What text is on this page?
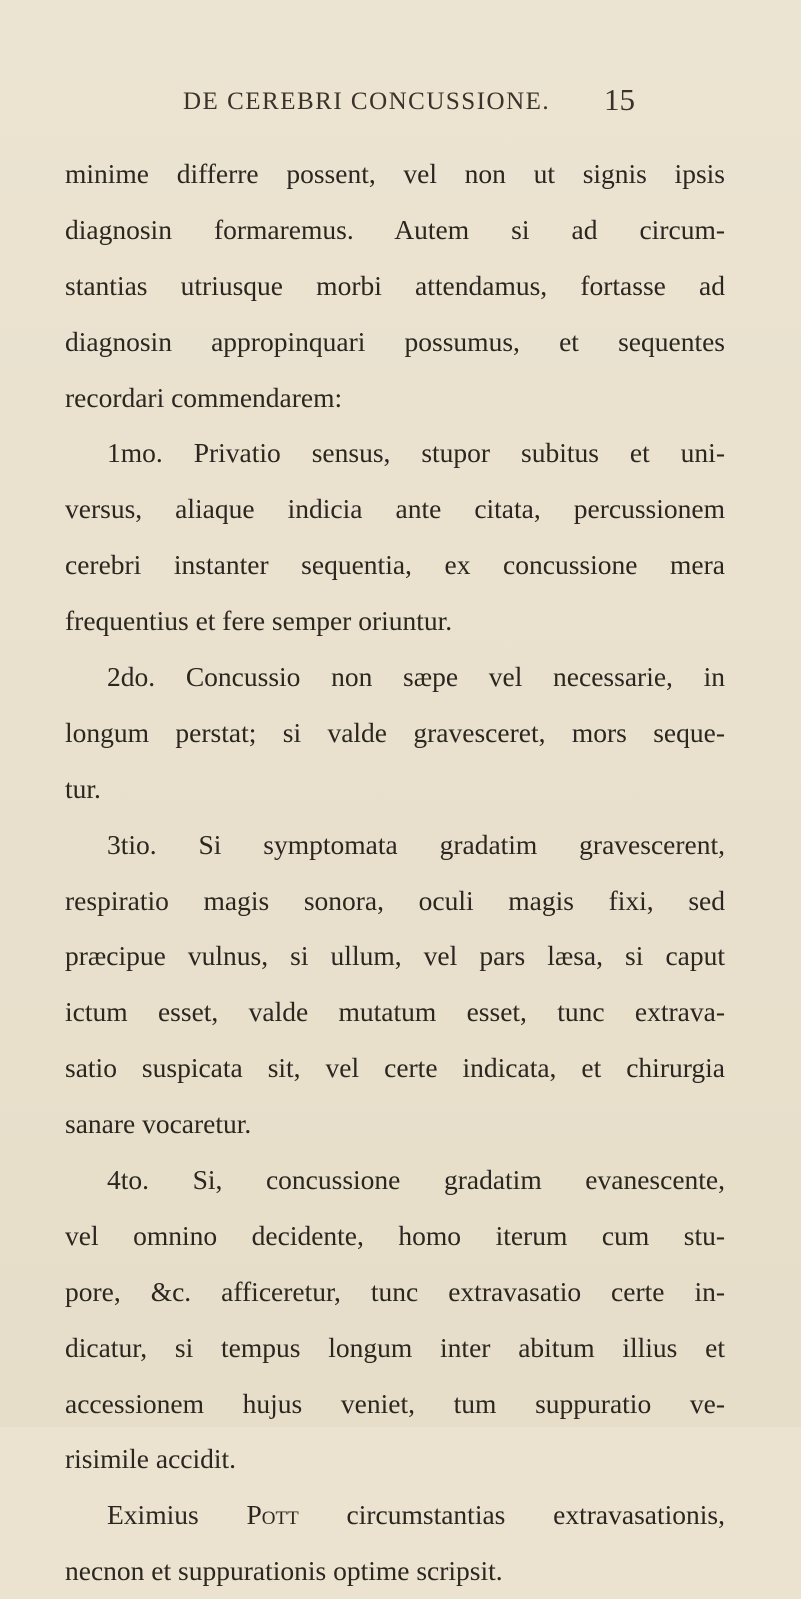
DE CEREBRI CONCUSSIONE. 15
minime differre possent, vel non ut signis ipsis
diagnosin formaremus. Autem si ad circum-
stantias utriusque morbi attendamus, fortasse ad
diagnosin appropinquari possumus, et sequentes
recordari commendarem:
1mo. Privatio sensus, stupor subitus et uni-
versus, aliaque indicia ante citata, percussionem
cerebri instanter sequentia, ex concussione mera
frequentius et fere semper oriuntur.
2do. Concussio non sæpe vel necessarie, in
longum perstat; si valde gravesceret, mors seque-
tur.
3tio. Si symptomata gradatim gravescerent,
respiratio magis sonora, oculi magis fixi, sed
præcipue vulnus, si ullum, vel pars læsa, si caput
ictum esset, valde mutatum esset, tunc extrava-
satio suspicata sit, vel certe indicata, et chirurgia
sanare vocaretur.
4to. Si, concussione gradatim evanescente,
vel omnino decidente, homo iterum cum stu-
pore, &c. afficeretur, tunc extravasatio certe in-
dicatur, si tempus longum inter abitum illius et
accessionem hujus veniet, tum suppuratio ve-
risimile accidit.
Eximius Pott circumstantias extravasationis,
necnon et suppurationis optime scripsit.
